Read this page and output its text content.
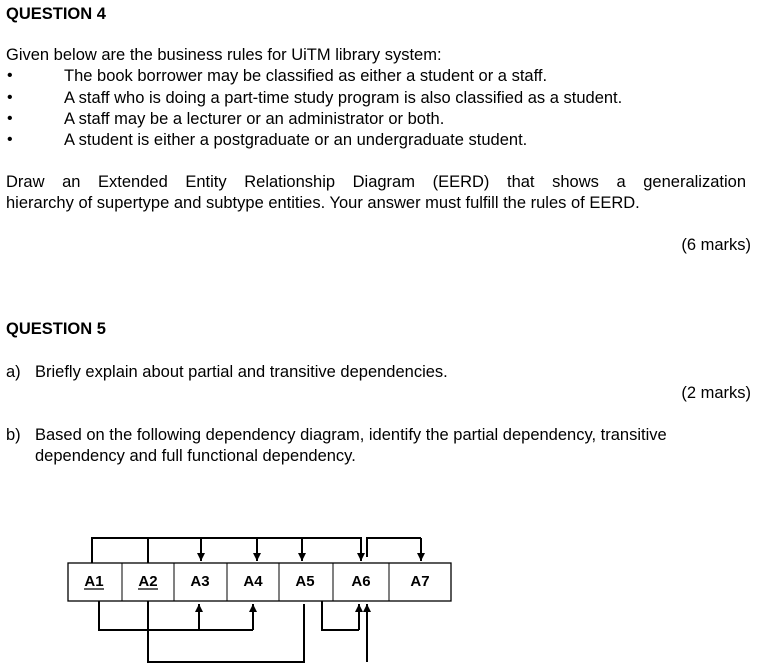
QUESTION 4
Given below are the business rules for UiTM library system:
•	The book borrower may be classified as either a student or a staff.
•	A staff who is doing a part-time study program is also classified as a student.
•	A staff may be a lecturer or an administrator or both.
•	A student is either a postgraduate or an undergraduate student.
Draw an Extended Entity Relationship Diagram (EERD) that shows a generalization
hierarchy of supertype and subtype entities. Your answer must fulfill the rules of EERD.
(6 marks)
QUESTION 5
a) Briefly explain about partial and transitive dependencies.
(2 marks)
b) Based on the following dependency diagram, identify the partial dependency, transitive
dependency and full functional dependency.
A1 A2 A3 A4 A5 A6	A7
